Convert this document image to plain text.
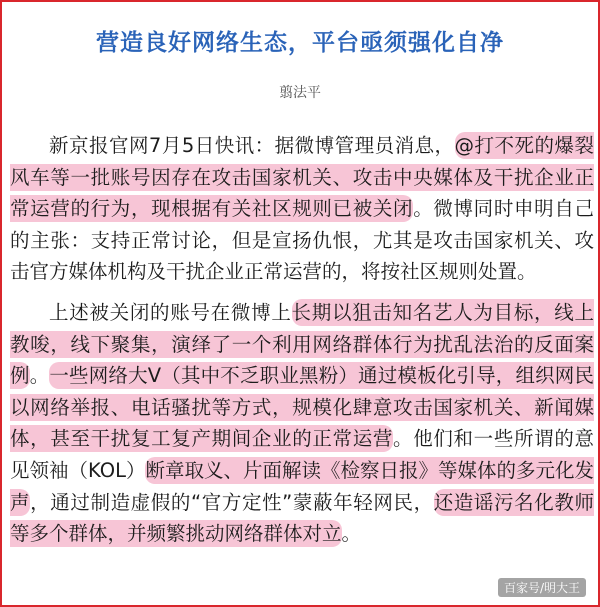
营造良好网络生态，平台亟须强化自净
翦法平

新京报官网7月5日快讯：据微博管理员消息，@打不死的爆裂风车等一批账号因存在攻击国家机关、攻击中央媒体及干扰企业正常运营的行为，现根据有关社区规则已被关闭。微博同时申明自己的主张：支持正常讨论，但是宣扬仇恨，尤其是攻击国家机关、攻击官方媒体机构及干扰企业正常运营的，将按社区规则处置。

上述被关闭的账号在微博上长期以狙击知名艺人为目标，线上教唆，线下聚集，演绎了一个利用网络群体行为扰乱法治的反面案例。一些网络大V（其中不乏职业黑粉）通过模板化引导，组织网民以网络举报、电话骚扰等方式，规模化肆意攻击国家机关、新闻媒体，甚至干扰复工复产期间企业的正常运营。他们和一些所谓的意见领袖（KOL）断章取义、片面解读《检察日报》等媒体的多元化发声，通过制造虚假的“官方定性”蒙蔽年轻网民，还造谣污名化教师等多个群体，并频繁挑动网络群体对立。

百家号/明大王
